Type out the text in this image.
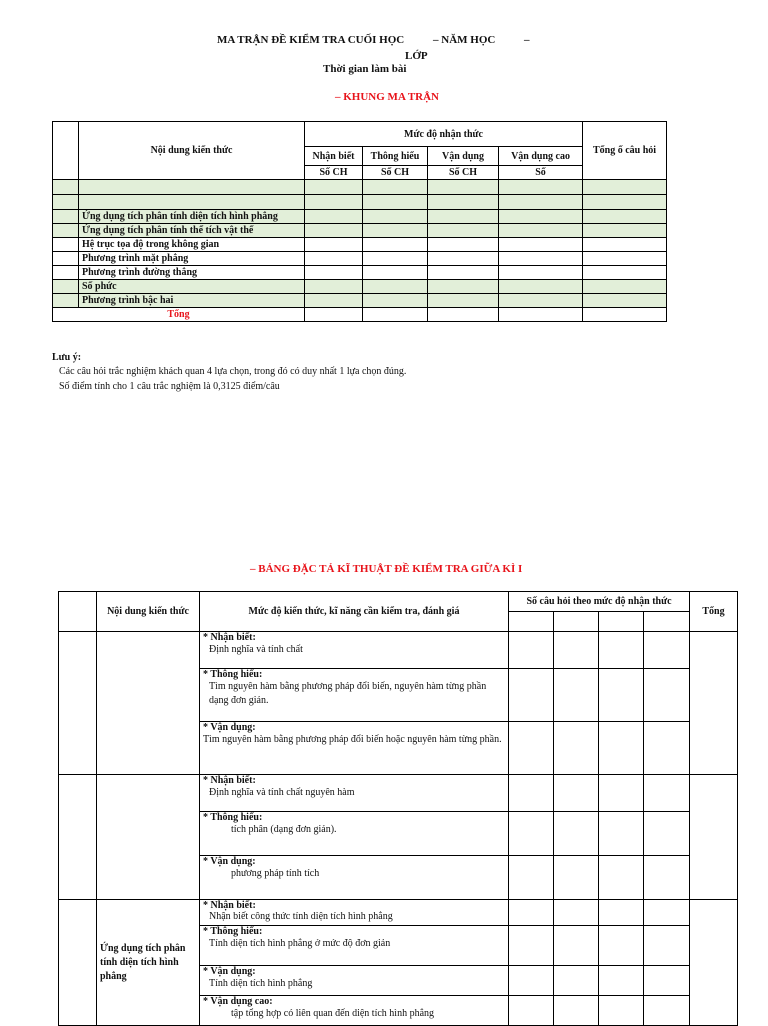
MA TRẬN ĐỀ KIỂM TRA CUỐI HỌC	– NĂM HỌC	–
LỚP
Thời gian làm bài
– KHUNG MA TRẬN
	Nội dung kiến thức	Mức độ nhận thức				Tổng ố câu hỏi
		Nhận biết	Thông hiểu	Vận dụng	Vận dụng cao	
		Số CH	Số CH	Số CH	Số	

	Ứng dụng tích phân tính diện tích hình phẳng					
	Ứng dụng tích phân tính thể tích vật thể					
	Hệ trục tọa độ trong không gian					
	Phương trình mặt phẳng					
	Phương trình đường thẳng					
	Số phức					
	Phương trình bậc hai					
Tổng						
Lưu ý:
Các câu hỏi trắc nghiệm khách quan 4 lựa chọn, trong đó có duy nhất 1 lựa chọn đúng.
Số điểm tính cho 1 câu trắc nghiệm là 0,3125 điểm/câu
– BẢNG ĐẶC TẢ KĨ THUẬT ĐỀ KIỂM TRA GIỮA KÌ I
	Nội dung kiến thức	Mức độ kiến thức, kĩ năng cần kiểm tra, đánh giá	Số câu hỏi theo mức độ nhận thức				Tổng

		* Nhận biết:
Định nghĩa và tính chất					

		* Thông hiểu:
Tìm nguyên hàm bằng phương pháp đổi biến, nguyên hàm từng phần dạng đơn giản.					

		* Vận dụng:
Tìm nguyên hàm bằng phương pháp đổi biến hoặc nguyên hàm từng phần.					

		* Nhận biết:
Định nghĩa và tính chất nguyên hàm					

		* Thông hiểu:
tích phân (dạng đơn giản).					

		* Vận dụng:
phương pháp tính tích					

	Ứng dụng tích phân tính diện tích hình phẳng	* Nhận biết:
Nhận biết công thức tính diện tích hình phẳng					

		* Thông hiểu:
Tính diện tích hình phẳng ở mức độ đơn giản					

		* Vận dụng:
Tính diện tích hình phẳng					

		* Vận dụng cao:
tập tổng hợp có liên quan đến diện tích hình phẳng					
